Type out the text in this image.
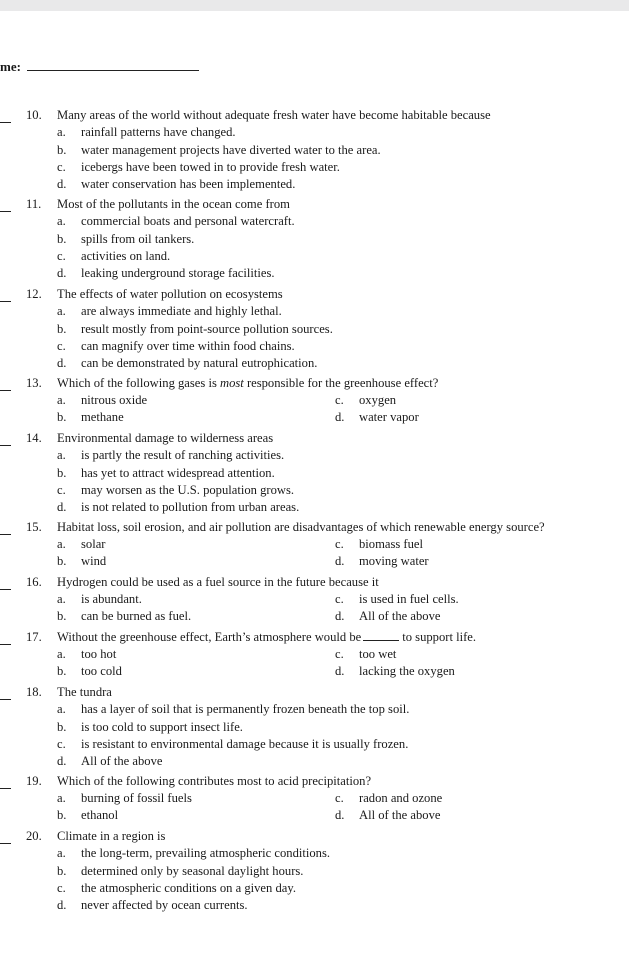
me:
10. Many areas of the world without adequate fresh water have become habitable because
a. rainfall patterns have changed.
b. water management projects have diverted water to the area.
c. icebergs have been towed in to provide fresh water.
d. water conservation has been implemented.
11. Most of the pollutants in the ocean come from
a. commercial boats and personal watercraft.
b. spills from oil tankers.
c. activities on land.
d. leaking underground storage facilities.
12. The effects of water pollution on ecosystems
a. are always immediate and highly lethal.
b. result mostly from point-source pollution sources.
c. can magnify over time within food chains.
d. can be demonstrated by natural eutrophication.
13. Which of the following gases is most responsible for the greenhouse effect?
a. nitrous oxide	c. oxygen
b. methane	d. water vapor
14. Environmental damage to wilderness areas
a. is partly the result of ranching activities.
b. has yet to attract widespread attention.
c. may worsen as the U.S. population grows.
d. is not related to pollution from urban areas.
15. Habitat loss, soil erosion, and air pollution are disadvantages of which renewable energy source?
a. solar	c. biomass fuel
b. wind	d. moving water
16. Hydrogen could be used as a fuel source in the future because it
a. is abundant.	c. is used in fuel cells.
b. can be burned as fuel.	d. All of the above
17. Without the greenhouse effect, Earth’s atmosphere would be	to support life.
a. too hot	c. too wet
b. too cold	d. lacking the oxygen
18. The tundra
a. has a layer of soil that is permanently frozen beneath the top soil.
b. is too cold to support insect life.
c. is resistant to environmental damage because it is usually frozen.
d. All of the above
19. Which of the following contributes most to acid precipitation?
a. burning of fossil fuels	c. radon and ozone
b. ethanol	d. All of the above
20. Climate in a region is
a. the long-term, prevailing atmospheric conditions.
b. determined only by seasonal daylight hours.
c. the atmospheric conditions on a given day.
d. never affected by ocean currents.
